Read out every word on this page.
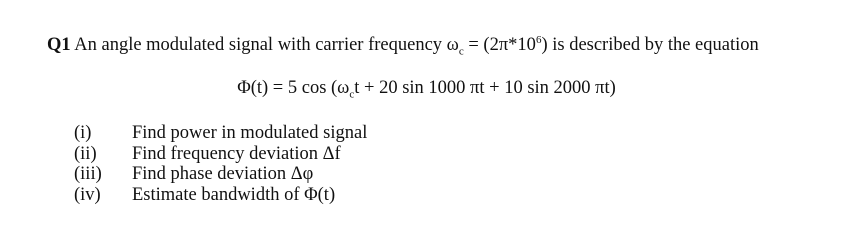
Q1 An angle modulated signal with carrier frequency $\omega_c = (2\pi*10^6)$ is described by the equation
Φ(t) = 5 $\cos (\omega_ct + 20$ sin 1000 πt + 10 sin 2000 πt)
(i)	Find power in modulated signal
(ii)	Find frequency deviation Δf
(iii)	Find phase deviation Δφ
(iv)	Estimate bandwidth of Φ(t)
